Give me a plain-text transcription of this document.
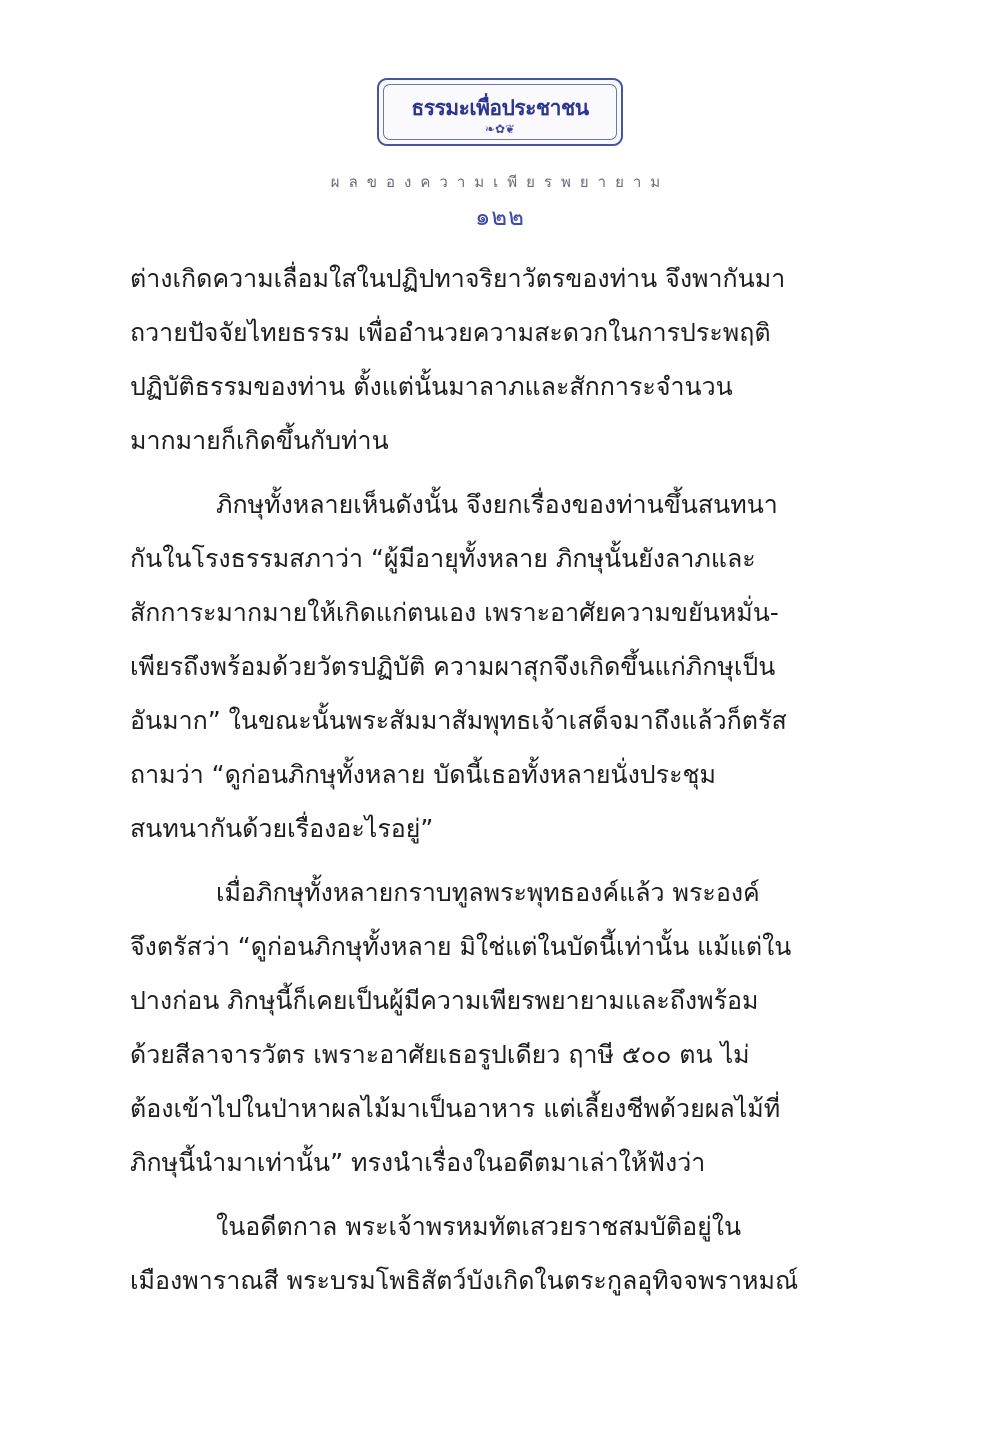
ธรรมะเพื่อประชาชน
❧✿❦
ผลของความเพียรพยายาม
๑๒๒

ต่างเกิดความเลื่อมใสในปฏิปทาจริยาวัตรของท่าน จึงพากันมา
ถวายปัจจัยไทยธรรม เพื่ออำนวยความสะดวกในการประพฤติ
ปฏิบัติธรรมของท่าน ตั้งแต่นั้นมาลาภและสักการะจำนวน
มากมายก็เกิดขึ้นกับท่าน

ภิกษุทั้งหลายเห็นดังนั้น จึงยกเรื่องของท่านขึ้นสนทนา
กันในโรงธรรมสภาว่า “ผู้มีอายุทั้งหลาย ภิกษุนั้นยังลาภและ
สักการะมากมายให้เกิดแก่ตนเอง เพราะอาศัยความขยันหมั่น-
เพียรถึงพร้อมด้วยวัตรปฏิบัติ ความผาสุกจึงเกิดขึ้นแก่ภิกษุเป็น
อันมาก” ในขณะนั้นพระสัมมาสัมพุทธเจ้าเสด็จมาถึงแล้วก็ตรัส
ถามว่า “ดูก่อนภิกษุทั้งหลาย บัดนี้เธอทั้งหลายนั่งประชุม
สนทนากันด้วยเรื่องอะไรอยู่”

เมื่อภิกษุทั้งหลายกราบทูลพระพุทธองค์แล้ว พระองค์
จึงตรัสว่า “ดูก่อนภิกษุทั้งหลาย มิใช่แต่ในบัดนี้เท่านั้น แม้แต่ใน
ปางก่อน ภิกษุนี้ก็เคยเป็นผู้มีความเพียรพยายามและถึงพร้อม
ด้วยสีลาจารวัตร เพราะอาศัยเธอรูปเดียว ฤาษี ๕๐๐ ตน ไม่
ต้องเข้าไปในป่าหาผลไม้มาเป็นอาหาร แต่เลี้ยงชีพด้วยผลไม้ที่
ภิกษุนี้นำมาเท่านั้น” ทรงนำเรื่องในอดีตมาเล่าให้ฟังว่า

ในอดีตกาล พระเจ้าพรหมทัตเสวยราชสมบัติอยู่ใน
เมืองพาราณสี พระบรมโพธิสัตว์บังเกิดในตระกูลอุทิจจพราหมณ์
